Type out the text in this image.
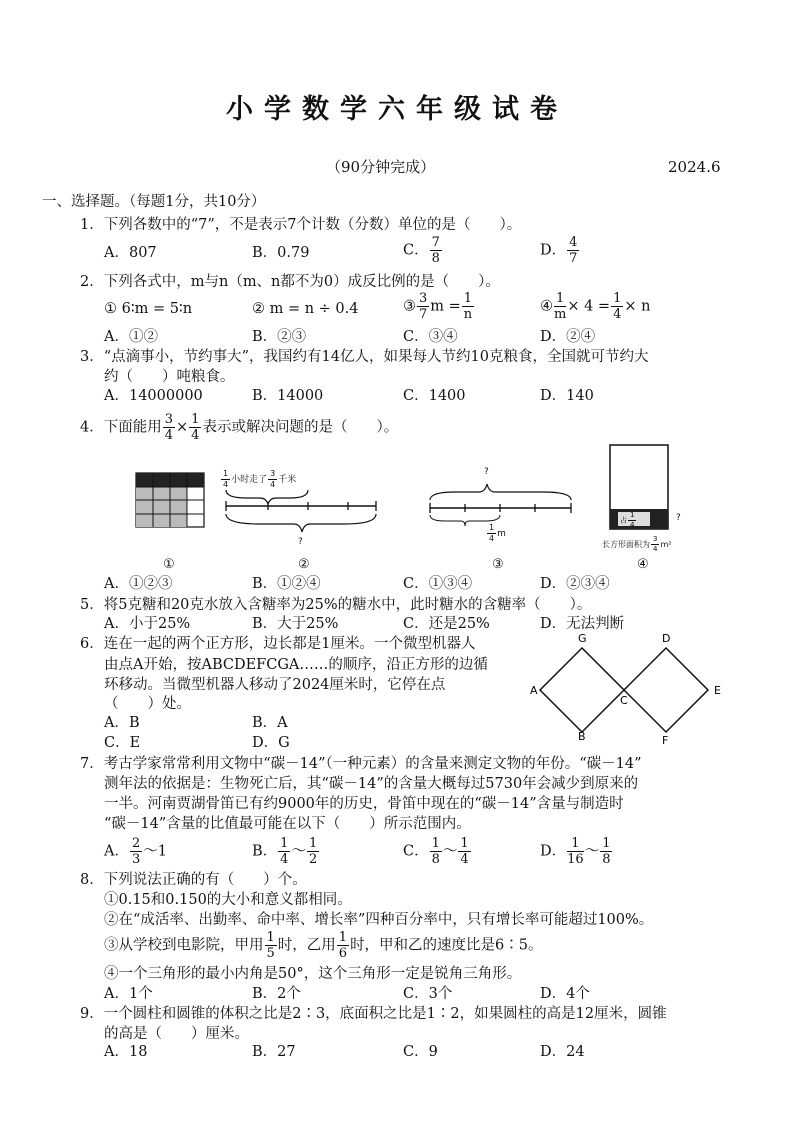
小学数学六年级试卷
（90分钟完成）	2024.6
一、选择题。（每题1分，共10分）
1．下列各数中的“7”，不是表示7个计数（分数）单位的是（　　）。
A．807	B．0.79	C． $\frac{7}{8}$	D． $\frac{4}{7}$
2．下列各式中，m与n（m、n都不为0）成反比例的是（　　）。
① 6∶m = 5∶n	② m = n ÷ 0.4	③ $\frac{3}{7}$ $m = \frac{1}{n}$	④ $\frac{1}{m} \times 4 = \frac{1}{4} \times n$
A．①②	B．②③	C．③④	D．②④
3．“点滴事小，节约事大”，我国约有14亿人，如果每人节约10克粮食，全国就可节约大
约（　　）吨粮食。
A．14000000	B．14000	C．1400	D．140
4．下面能用 $\frac{3}{4} \times \frac{1}{4}$ 表示或解决问题的是（　　）。
①
$\frac{1}{4}$ 小时走了 $\frac{3}{4}$ 千米
?
②
?
$\frac{1}{4}$ m
③
占 $\frac{1}{4}$	?
长方形面积为 $\frac{3}{4} m^2$
④
A．①②③	B．①②④	C．①③④	D．②③④
5．将5克糖和20克水放入含糖率为25%的糖水中，此时糖水的含糖率（　　）。
A．小于25%	B．大于25%	C．还是25%	D．无法判断
6．连在一起的两个正方形，边长都是1厘米。一个微型机器人
由点A开始，按ABCDEFCGA……的顺序，沿正方形的边循
环移动。当微型机器人移动了2024厘米时，它停在点
（　　）处。
A．B	B．A
C．E	D．G
A
B
C
D
E
F
G
7．考古学家常常利用文物中“碳－14”（一种元素）的含量来测定文物的年份。“碳－14”
测年法的依据是：生物死亡后，其“碳－14”的含量大概每过5730年会减少到原来的
一半。河南贾湖骨笛已有约9000年的历史，骨笛中现在的“碳－14”含量与制造时
“碳－14”含量的比值最可能在以下（　　）所示范围内。
A． $\frac{2}{3}$ ～1	B． $\frac{1}{4}$ ～ $\frac{1}{2}$	C． $\frac{1}{8}$ ～ $\frac{1}{4}$	D． $\frac{1}{16}$ ～ $\frac{1}{8}$
8．下列说法正确的有（　　）个。
①0.15和0.150的大小和意义都相同。
②在“成活率、出勤率、命中率、增长率”四种百分率中，只有增长率可能超过100%。
③从学校到电影院，甲用 $\frac{1}{5}$ 时，乙用 $\frac{1}{6}$ 时，甲和乙的速度比是6∶5。
④一个三角形的最小内角是50°，这个三角形一定是锐角三角形。
A．1个	B．2个	C．3个	D．4个
9．一个圆柱和圆锥的体积之比是2∶3，底面积之比是1∶2，如果圆柱的高是12厘米，圆锥
的高是（　　）厘米。
A．18	B．27	C．9	D．24
